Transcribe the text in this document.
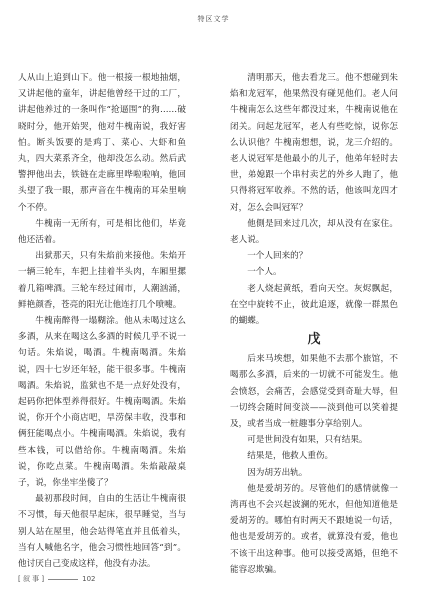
特区文学

人从山上追到山下。他一根接一根地抽烟，又讲起他的童年，讲起他曾经干过的工厂，讲起他养过的一条叫作“抢逼围”的狗……破晓时分，他开始哭，他对牛槐南说，我好害怕。断头饭要的是鸡丁、菜心、大虾和鱼丸，四大菜系齐全，他却没怎么动。然后武警押他出去，铁链在走廊里哗啦啦响，他回头望了我一眼，那声音在牛槐南的耳朵里响个不停。

牛槐南一无所有，可是相比他们，毕竟他还活着。

出狱那天，只有朱焰前来接他。朱焰开一辆三轮车，车把上挂着半头肉，车厢里摞着几箱啤酒。三轮车经过闹市，人潮汹涌，鲜艳颜香，苍亮的阳光让他连打几个喷嚏。

牛槐南醉得一塌糊涂。他从未喝过这么多酒，从来在喝这么多酒的时候几乎不说一句话。朱焰说，喝酒。牛槐南喝酒。朱焰说，四十七岁还年轻，能干很多事。牛槐南喝酒。朱焰说，监狱也不是一点好处没有，起码你把体型养得很好。牛槐南喝酒。朱焰说，你开个小商店吧，旱涝保丰收，没事和俩狂能喝点小。牛槐南喝酒。朱焰说，我有些本钱，可以借给你。牛槐南喝酒。朱焰说，你吃点菜。牛槐南喝酒。朱焰敲敲桌子，说，你坐牢坐傻了？

最初那段时间，自由的生活让牛槐南很不习惯，每天他很早起床，很早睡觉，当与别人站在屋里，他会站得笔直并且低着头，当有人喊他名字，他会习惯性地回答“到”。他讨厌自己变成这样，他没有办法。

清明那天，他去看龙三。他不想碰到朱焰和龙冠军，他果然没有碰见他们。老人问牛槐南怎么这些年都没过来，牛槐南说他在闭关。问起龙冠军，老人有些吃惊，说你怎么认识他？牛槐南想想，说，龙三介绍的。老人说冠军是他最小的儿子，他弟年轻时去世，弟媳跟一个串村卖艺的外乡人跑了，他只得将冠军收养。不然的话，他该叫龙四才对，怎么会叫冠军？

他側是回来过几次，却从没有在家住。老人说。

一个人回来的？

一个人。

老人烧起黄纸，看向天空。灰烬飘起，在空中旋转不止，彼此追逐，就像一群黑色的蝴蝶。

戊

后来马埃想，如果他不去那个旅馆，不喝那么多酒，后来的一切就不可能发生。他会愤怒，会痛苦，会感觉受到奇耻大辱，但一切终会随时间变淡——淡到他可以笑着提及，或者当成一桩趣事分享给别人。

可是世间没有如果，只有结果。

结果是，他救人重伤。

因为胡芳出轨。

他是爱胡芳的。尽管他们的感情就像一湾再也不会兴起波澜的死水，但他知道他是爱胡芳的。哪怕有时两天不跟她说一句话，他也是爱胡芳的。或者，就算没有爱，他也不该干出这种事。他可以接受离婚，但绝不能容忍欺骗。

[ 叙 事 ]	102
